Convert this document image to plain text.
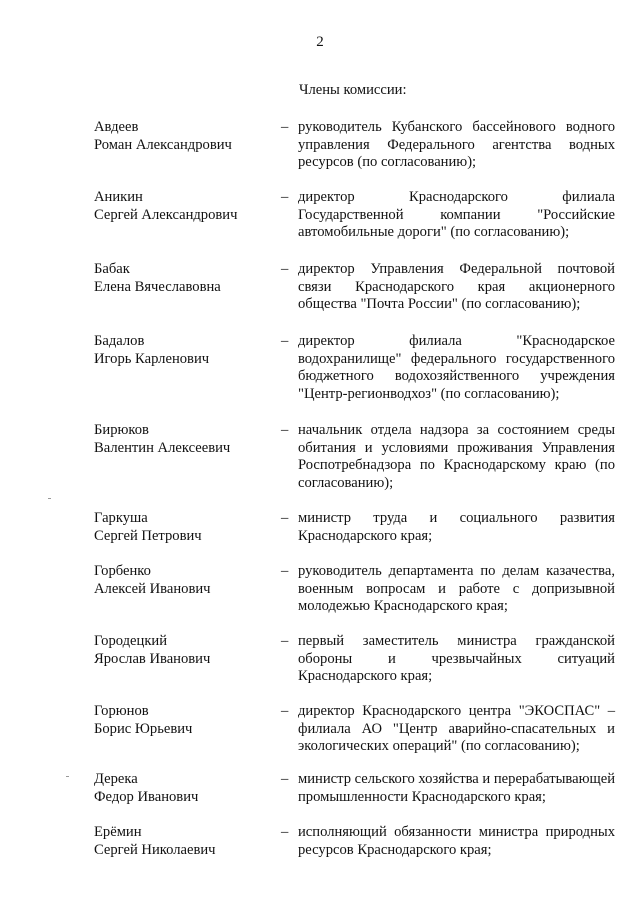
2
Члены комиссии:
Авдеев
Роман Александрович
– руководитель Кубанского бассейнового водного управления Федерального агентства водных ресурсов (по согласованию);
Аникин
Сергей Александрович
– директор Краснодарского филиала Государственной компании "Российские автомобильные дороги" (по согласованию);
Бабак
Елена Вячеславовна
– директор Управления Федеральной почтовой связи Краснодарского края акционерного общества "Почта России" (по согласованию);
Бадалов
Игорь Карленович
– директор филиала "Краснодарское водохранилище" федерального государственного бюджетного водохозяйственного учреждения "Центр-регионводхоз" (по согласованию);
Бирюков
Валентин Алексеевич
– начальник отдела надзора за состоянием среды обитания и условиями проживания Управления Роспотребнадзора по Краснодарскому краю (по согласованию);
Гаркуша
Сергей Петрович
– министр труда и социального развития Краснодарского края;
Горбенко
Алексей Иванович
– руководитель департамента по делам казачества, военным вопросам и работе с допризывной молодежью Краснодарского края;
Городецкий
Ярослав Иванович
– первый заместитель министра гражданской обороны и чрезвычайных ситуаций Краснодарского края;
Горюнов
Борис Юрьевич
– директор Краснодарского центра "ЭКОСПАС" – филиала АО "Центр аварийно-спасательных и экологических операций" (по согласованию);
Дерека
Федор Иванович
– министр сельского хозяйства и перерабатывающей промышленности Краснодарского края;
Ерёмин
Сергей Николаевич
– исполняющий обязанности министра природных ресурсов Краснодарского края;
